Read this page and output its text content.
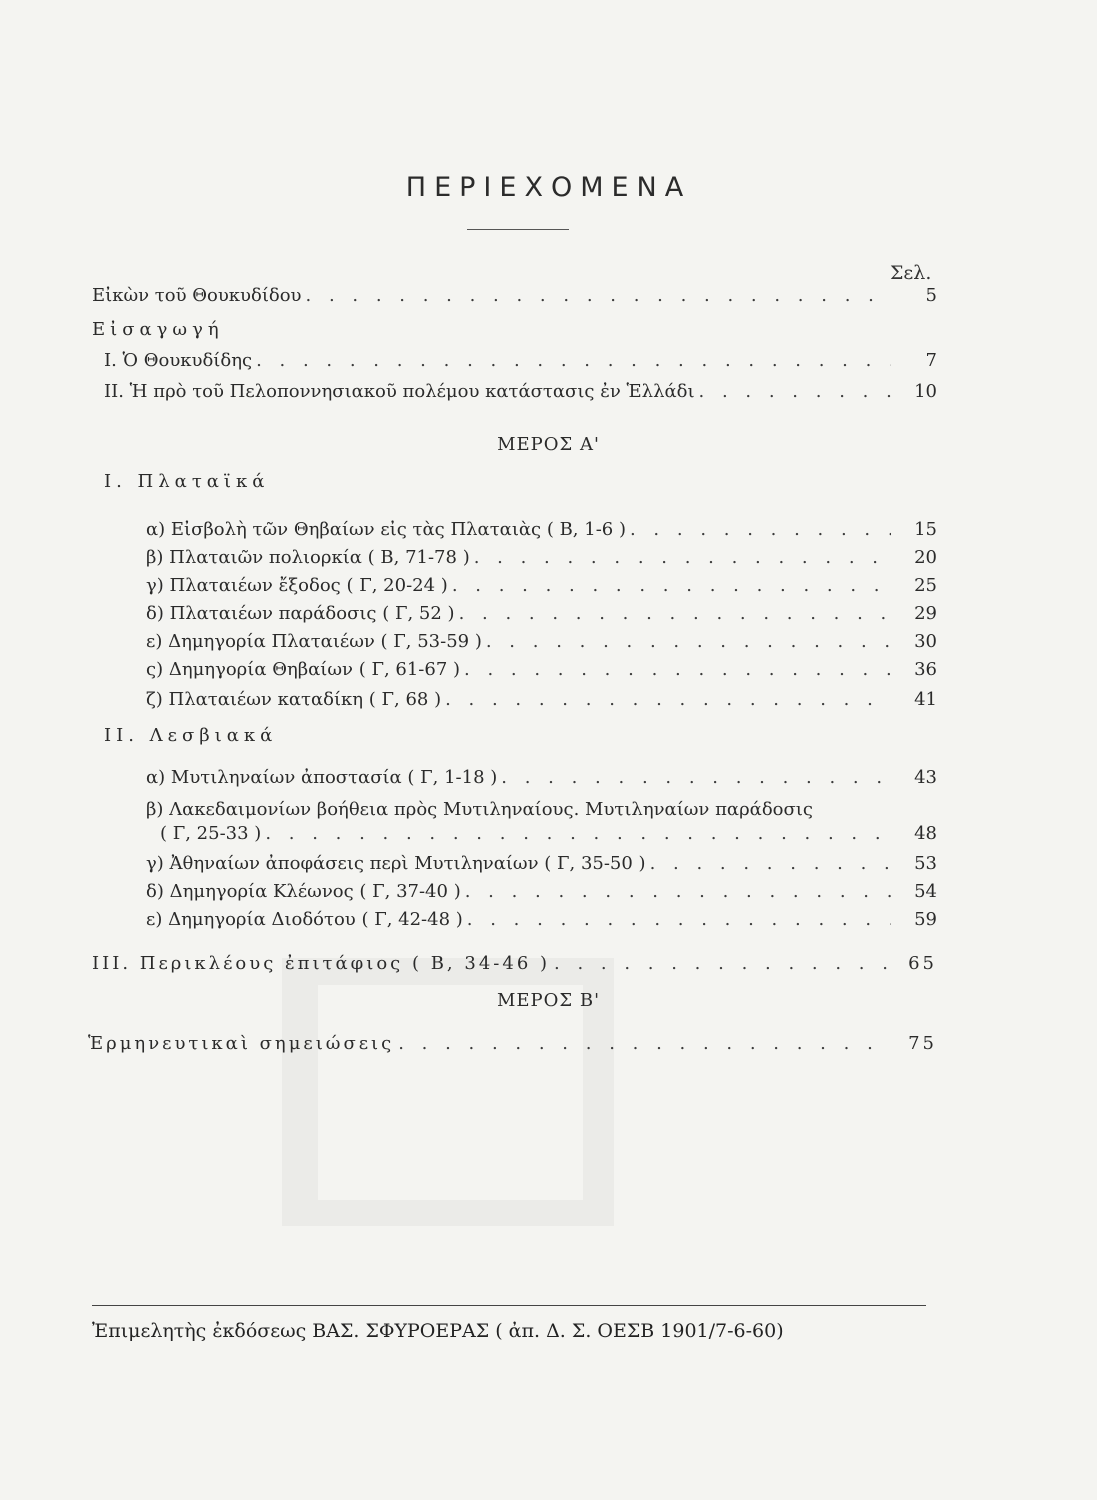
ΠΕΡΙΕΧΟΜΕΝΑ
Σελ.
Εἰκὼν τοῦ Θουκυδίδου . . .	5
Εἰσαγωγή
Ι. Ὁ Θουκυδίδης . . .	7
ΙΙ. Ἡ πρὸ τοῦ Πελοποννησιακοῦ πολέμου κατάστασις ἐν Ἑλλάδι . . .	10
ΜΕΡΟΣ Α'
Ι. Πλαταϊκά
α) Εἰσβολὴ τῶν Θηβαίων εἰς τὰς Πλαταιὰς ( Β, 1-6 ) . . .	15
β) Πλαταιῶν πολιορκία ( Β, 71-78 ) . . .	20
γ) Πλαταιέων ἔξοδος ( Γ, 20-24 ) . . .	25
δ) Πλαταιέων παράδοσις ( Γ, 52 ) . . .	29
ε) Δημηγορία Πλαταιέων ( Γ, 53-59 ) . . .	30
ς) Δημηγορία Θηβαίων ( Γ, 61-67 ) . . .	36
ζ) Πλαταιέων καταδίκη ( Γ, 68 ) . . .	41
ΙΙ. Λεσβιακά
α) Μυτιληναίων ἀποστασία ( Γ, 1-18 ) . . .	43
β) Λακεδαιμονίων βοήθεια πρὸς Μυτιληναίους. Μυτιληναίων παράδοσις
( Γ, 25-33 ) . . .	48
γ) Ἀθηναίων ἀποφάσεις περὶ Μυτιληναίων ( Γ, 35-50 ) . . .	53
δ) Δημηγορία Κλέωνος ( Γ, 37-40 ) . . .	54
ε) Δημηγορία Διοδότου ( Γ, 42-48 ) . . .	59
ΙΙΙ. Περικλέους ἐπιτάφιος ( Β, 34-46 ) . . .	65
ΜΕΡΟΣ Β'
Ἑρμηνευτικαὶ σημειώσεις . . .	75
Ἐπιμελητὴς ἐκδόσεως ΒΑΣ. ΣΦΥΡΟΕΡΑΣ ( ἀπ. Δ. Σ. ΟΕΣΒ 1901/7-6-60)
